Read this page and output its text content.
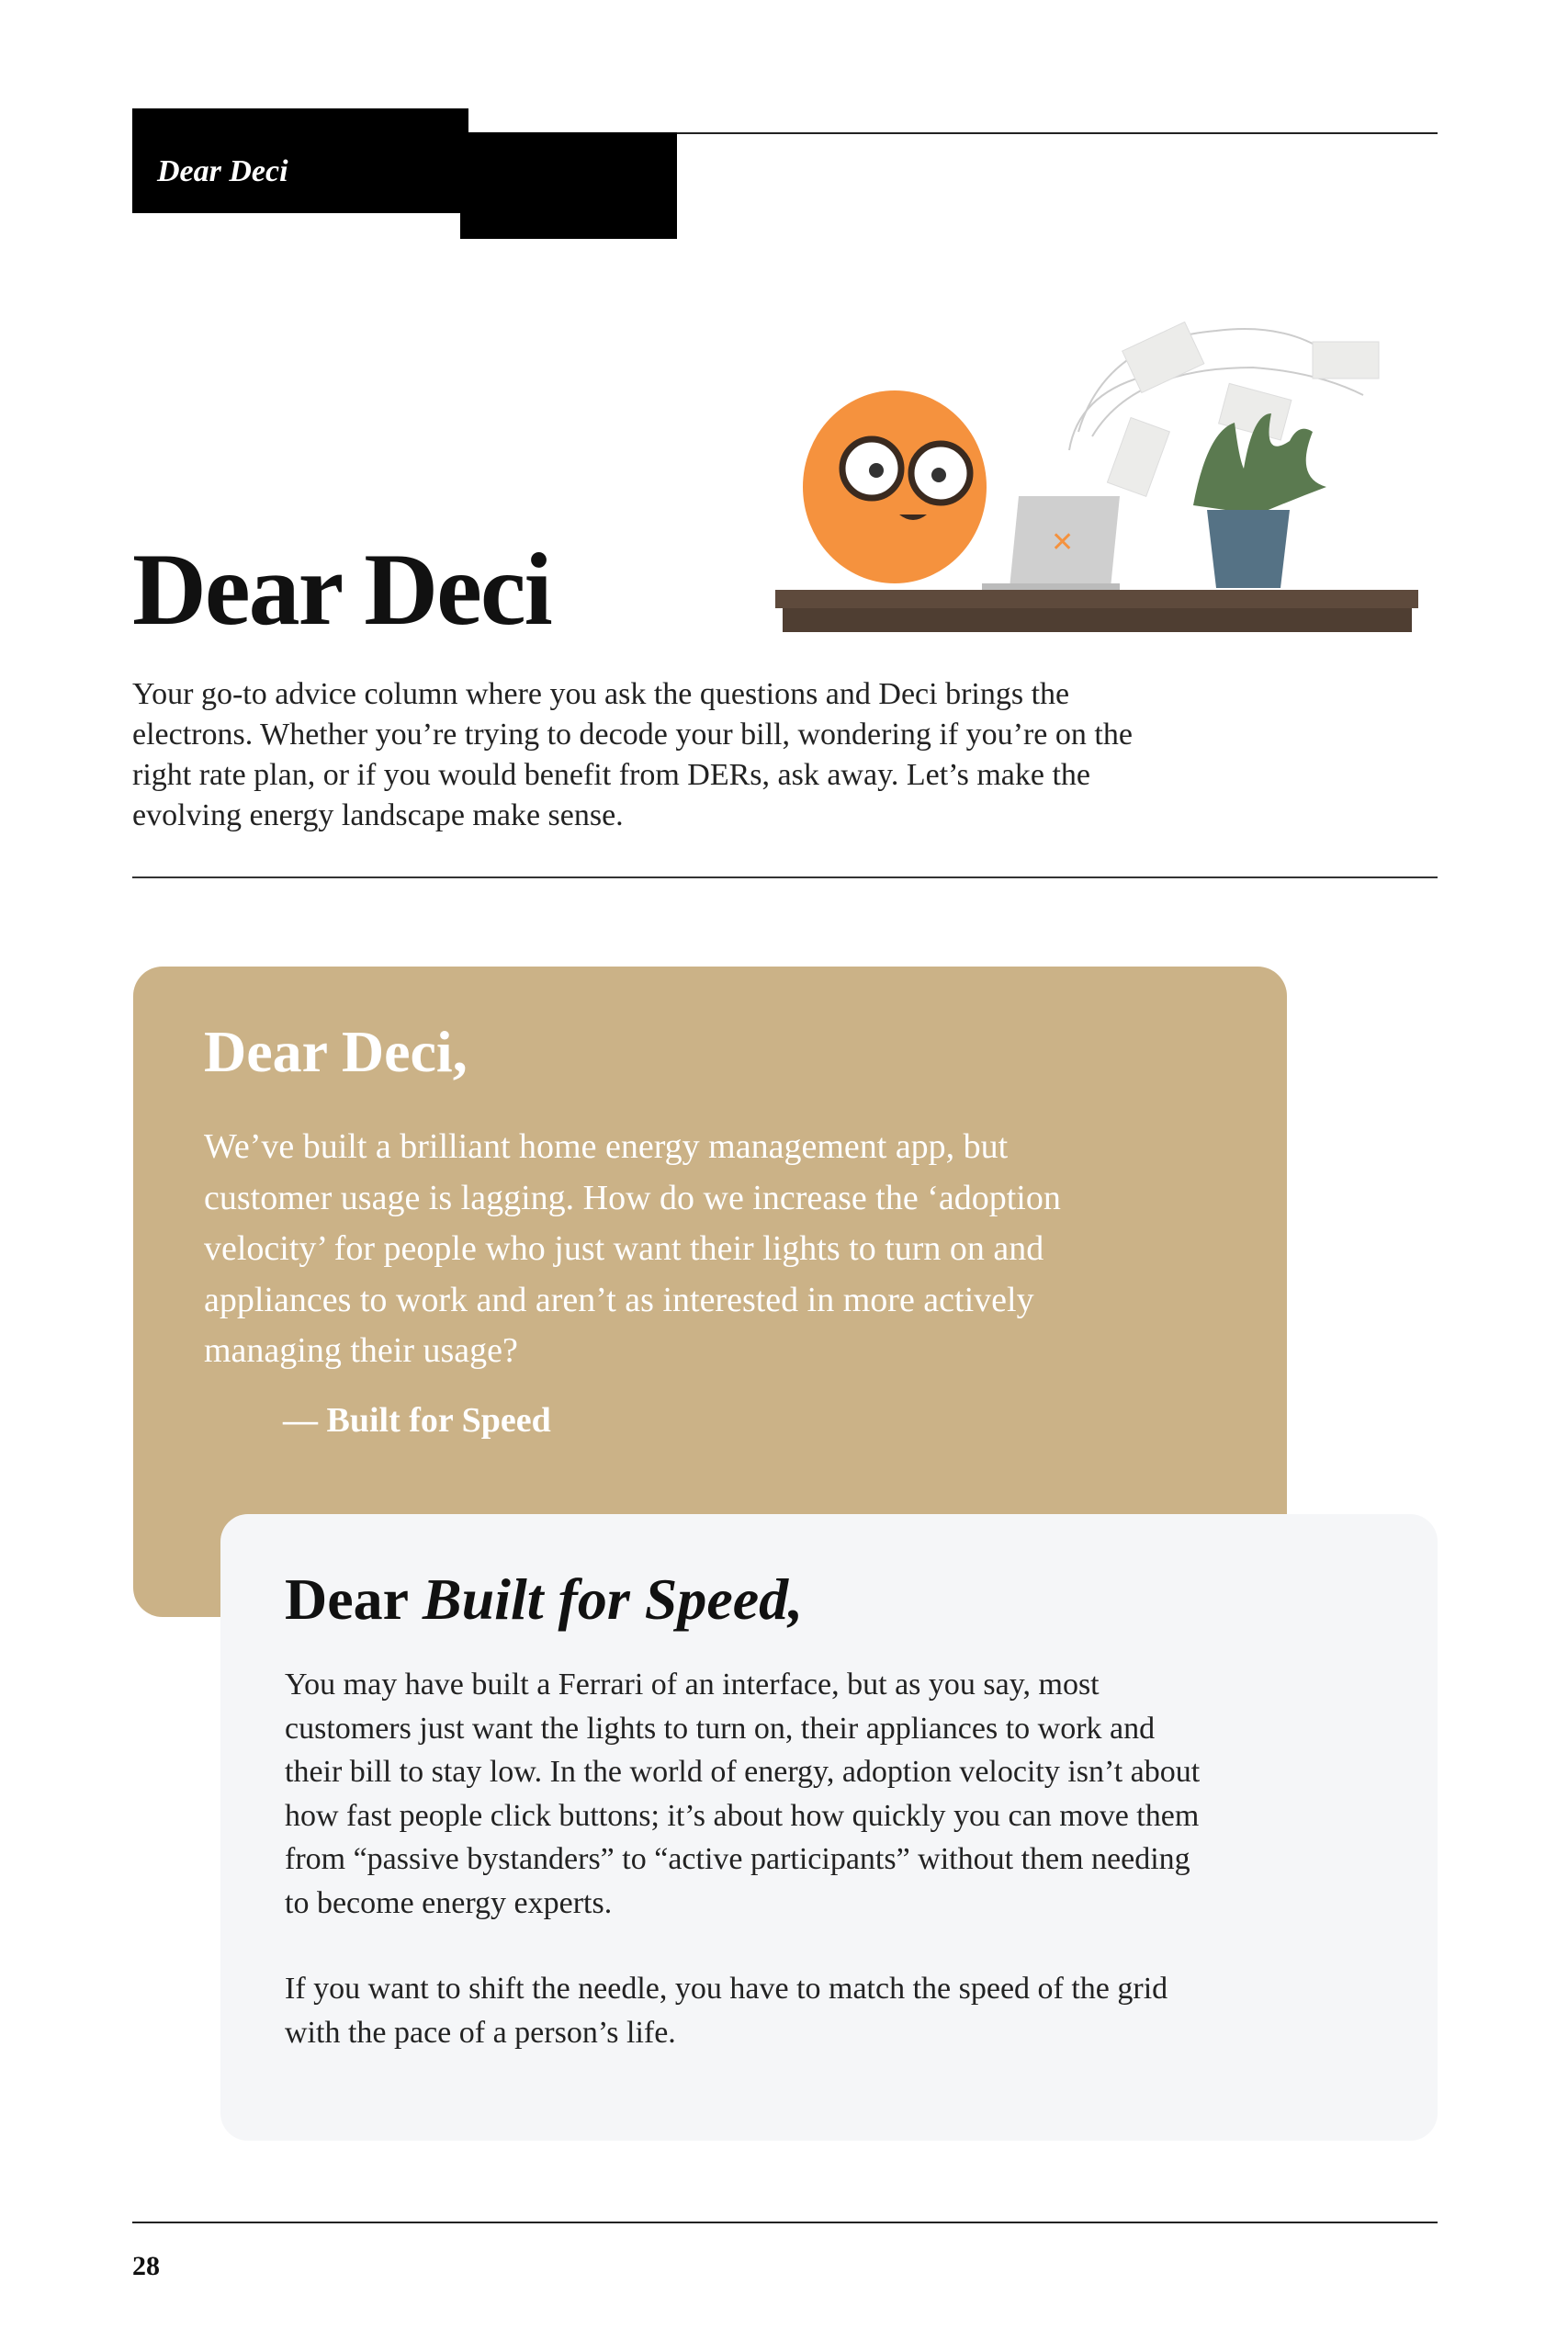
Dear Deci
✕
Dear Deci
Your go-to advice column where you ask the questions and Deci brings the
electrons. Whether you’re trying to decode your bill, wondering if you’re on the
right rate plan, or if you would benefit from DERs, ask away. Let’s make the
evolving energy landscape make sense.
Dear Deci,
We’ve built a brilliant home energy management app, but
customer usage is lagging. How do we increase the ‘adoption
velocity’ for people who just want their lights to turn on and
appliances to work and aren’t as interested in more actively
managing their usage?
— Built for Speed
Dear Built for Speed,
You may have built a Ferrari of an interface, but as you say, most
customers just want the lights to turn on, their appliances to work and
their bill to stay low. In the world of energy, adoption velocity isn’t about
how fast people click buttons; it’s about how quickly you can move them
from “passive bystanders” to “active participants” without them needing
to become energy experts.
If you want to shift the needle, you have to match the speed of the grid
with the pace of a person’s life.
28
